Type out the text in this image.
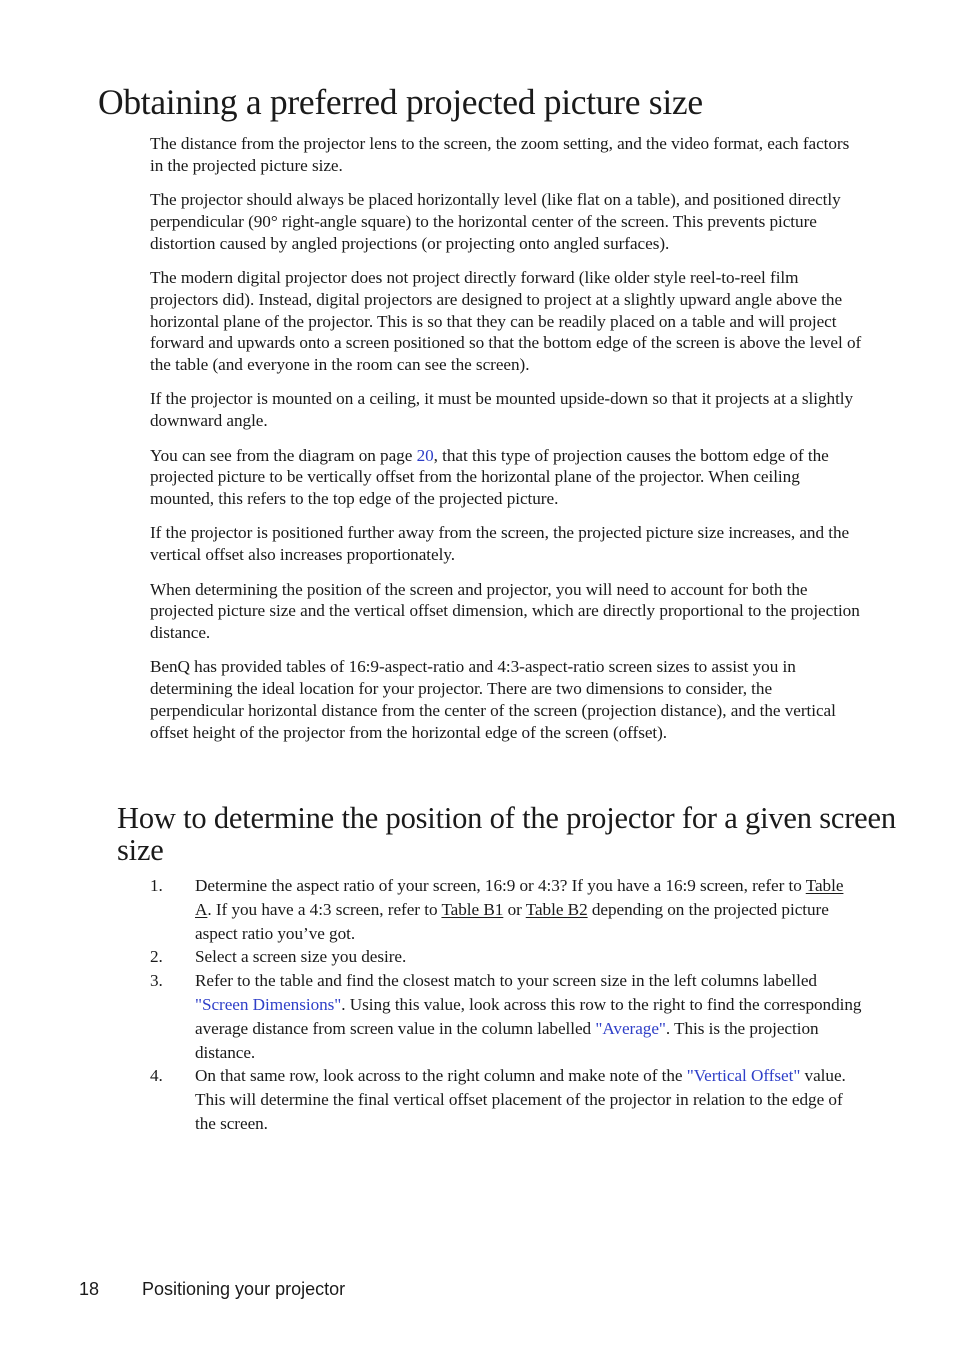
Obtaining a preferred projected picture size

The distance from the projector lens to the screen, the zoom setting, and the video format, each factors in the projected picture size.

The projector should always be placed horizontally level (like flat on a table), and positioned directly perpendicular (90° right-angle square) to the horizontal center of the screen. This prevents picture distortion caused by angled projections (or projecting onto angled surfaces).

The modern digital projector does not project directly forward (like older style reel-to-reel film projectors did). Instead, digital projectors are designed to project at a slightly upward angle above the horizontal plane of the projector. This is so that they can be readily placed on a table and will project forward and upwards onto a screen positioned so that the bottom edge of the screen is above the level of the table (and everyone in the room can see the screen).

If the projector is mounted on a ceiling, it must be mounted upside-down so that it projects at a slightly downward angle.

You can see from the diagram on page 20, that this type of projection causes the bottom edge of the projected picture to be vertically offset from the horizontal plane of the projector. When ceiling mounted, this refers to the top edge of the projected picture.

If the projector is positioned further away from the screen, the projected picture size increases, and the vertical offset also increases proportionately.

When determining the position of the screen and projector, you will need to account for both the projected picture size and the vertical offset dimension, which are directly proportional to the projection distance.

BenQ has provided tables of 16:9-aspect-ratio and 4:3-aspect-ratio screen sizes to assist you in determining the ideal location for your projector. There are two dimensions to consider, the perpendicular horizontal distance from the center of the screen (projection distance), and the vertical offset height of the projector from the horizontal edge of the screen (offset).

How to determine the position of the projector for a given screen size
1. Determine the aspect ratio of your screen, 16:9 or 4:3? If you have a 16:9 screen, refer to Table A. If you have a 4:3 screen, refer to Table B1 or Table B2 depending on the projected picture aspect ratio you’ve got.
2. Select a screen size you desire.
3. Refer to the table and find the closest match to your screen size in the left columns labelled "Screen Dimensions". Using this value, look across this row to the right to find the corresponding average distance from screen value in the column labelled "Average". This is the projection distance.
4. On that same row, look across to the right column and make note of the "Vertical Offset" value. This will determine the final vertical offset placement of the projector in relation to the edge of the screen.
18 Positioning your projector
